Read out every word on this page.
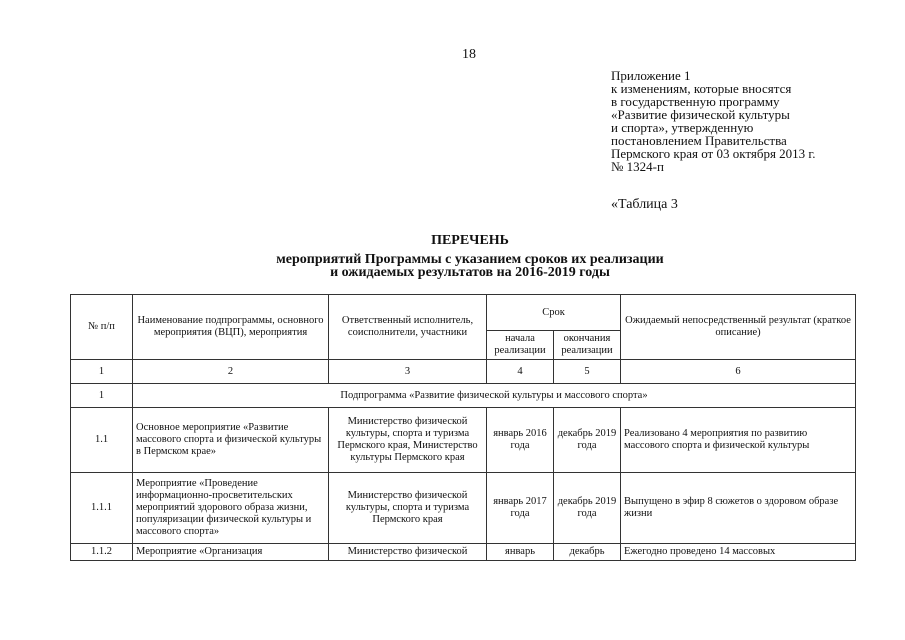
18
Приложение 1
к изменениям, которые вносятся
в государственную программу
«Развитие физической культуры
и спорта», утвержденную
постановлением Правительства
Пермского края от 03 октября 2013 г.
№ 1324-п
«Таблица 3
ПЕРЕЧЕНЬ
мероприятий Программы с указанием сроков их реализации
и ожидаемых результатов на 2016-2019 годы
№ п/п	Наименование подпрограммы, основного мероприятия (ВЦП), мероприятия	Ответственный исполнитель, соисполнители, участники	Срок		Ожидаемый непосредственный результат (краткое описание)
			начала реализации	окончания реализации	
1	2	3	4	5	6
1	Подпрограмма «Развитие физической культуры и массового спорта»				
1.1	Основное мероприятие «Развитие массового спорта и физической культуры в Пермском крае»	Министерство физической культуры, спорта и туризма Пермского края, Министерство культуры Пермского края	январь 2016 года	декабрь 2019 года	Реализовано 4 мероприятия по развитию массового спорта и физической культуры
1.1.1	Мероприятие «Проведение информационно-просветительских мероприятий здорового образа жизни, популяризации физической культуры и массового спорта»	Министерство физической культуры, спорта и туризма Пермского края	январь 2017 года	декабрь 2019 года	Выпущено в эфир 8 сюжетов о здоровом образе жизни
1.1.2	Мероприятие «Организация	Министерство физической	январь	декабрь	Ежегодно проведено 14 массовых
